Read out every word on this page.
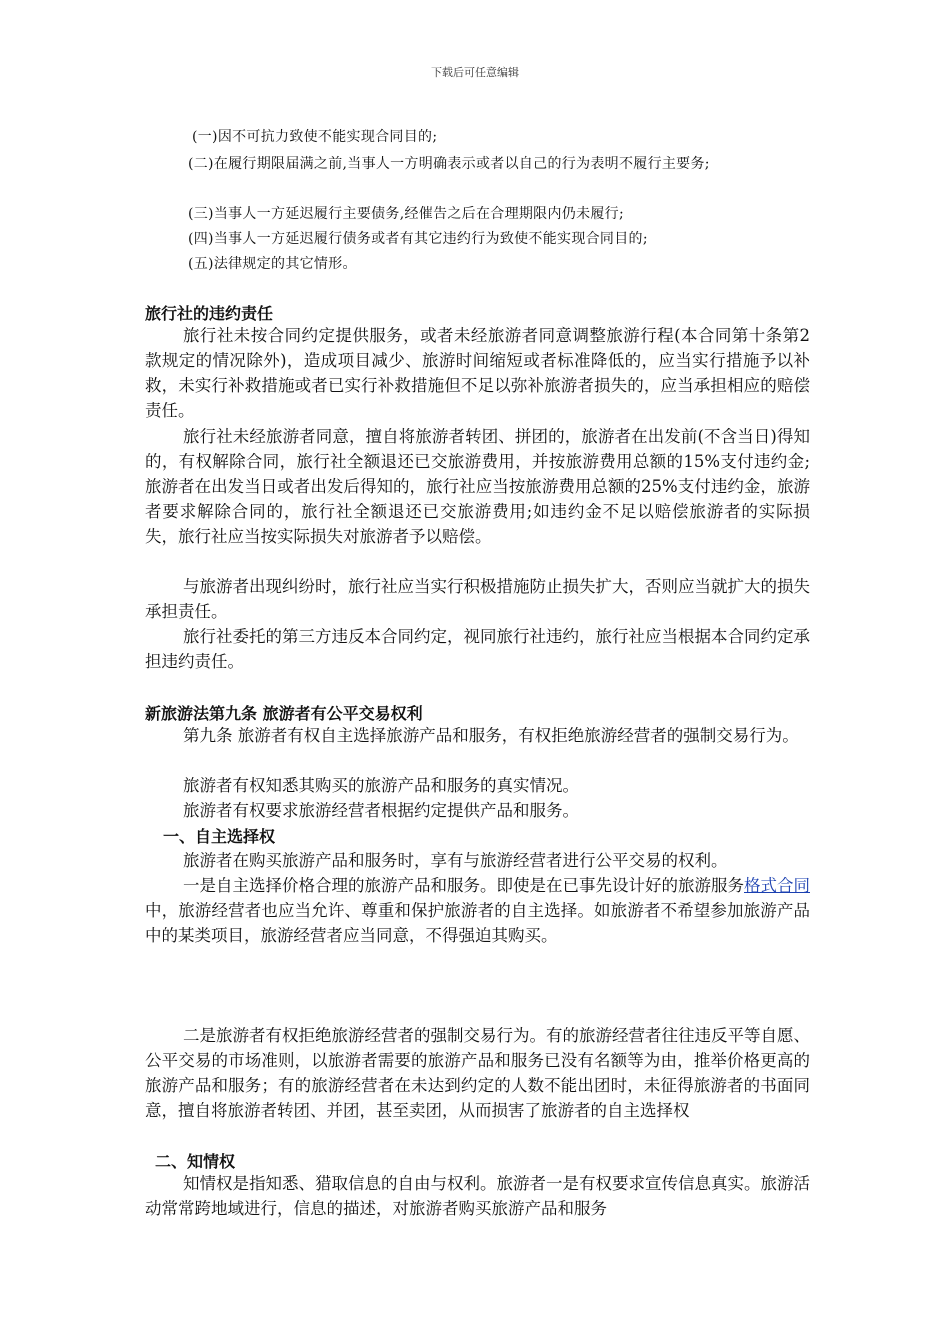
下载后可任意编辑
(一)因不可抗力致使不能实现合同目的;
(二)在履行期限届满之前,当事人一方明确表示或者以自己的行为表明不履行主要务;
(三)当事人一方延迟履行主要债务,经催告之后在合理期限内仍未履行;
(四)当事人一方延迟履行债务或者有其它违约行为致使不能实现合同目的;
(五)法律规定的其它情形。
旅行社的违约责任
旅行社未按合同约定提供服务，或者未经旅游者同意调整旅游行程(本合同第十条第2款规定的情况除外)，造成项目减少、旅游时间缩短或者标准降低的，应当实行措施予以补救，未实行补救措施或者已实行补救措施但不足以弥补旅游者损失的，应当承担相应的赔偿责任。
旅行社未经旅游者同意，擅自将旅游者转团、拼团的，旅游者在出发前(不含当日)得知的，有权解除合同，旅行社全额退还已交旅游费用，并按旅游费用总额的15%支付违约金;旅游者在出发当日或者出发后得知的，旅行社应当按旅游费用总额的25%支付违约金，旅游者要求解除合同的，旅行社全额退还已交旅游费用;如违约金不足以赔偿旅游者的实际损失，旅行社应当按实际损失对旅游者予以赔偿。
与旅游者出现纠纷时，旅行社应当实行积极措施防止损失扩大，否则应当就扩大的损失承担责任。
旅行社委托的第三方违反本合同约定，视同旅行社违约，旅行社应当根据本合同约定承担违约责任。
新旅游法第九条 旅游者有公平交易权利
第九条 旅游者有权自主选择旅游产品和服务，有权拒绝旅游经营者的强制交易行为。
旅游者有权知悉其购买的旅游产品和服务的真实情况。
旅游者有权要求旅游经营者根据约定提供产品和服务。
一、自主选择权
旅游者在购买旅游产品和服务时，享有与旅游经营者进行公平交易的权利。
一是自主选择价格合理的旅游产品和服务。即使是在已事先设计好的旅游服务格式合同中，旅游经营者也应当允许、尊重和保护旅游者的自主选择。如旅游者不希望参加旅游产品中的某类项目，旅游经营者应当同意，不得强迫其购买。
二是旅游者有权拒绝旅游经营者的强制交易行为。有的旅游经营者往往违反平等自愿、公平交易的市场准则，以旅游者需要的旅游产品和服务已没有名额等为由，推举价格更高的旅游产品和服务；有的旅游经营者在未达到约定的人数不能出团时，未征得旅游者的书面同意，擅自将旅游者转团、并团，甚至卖团，从而损害了旅游者的自主选择权
二、知情权
知情权是指知悉、猎取信息的自由与权利。旅游者一是有权要求宣传信息真实。旅游活动常常跨地域进行，信息的描述，对旅游者购买旅游产品和服务
